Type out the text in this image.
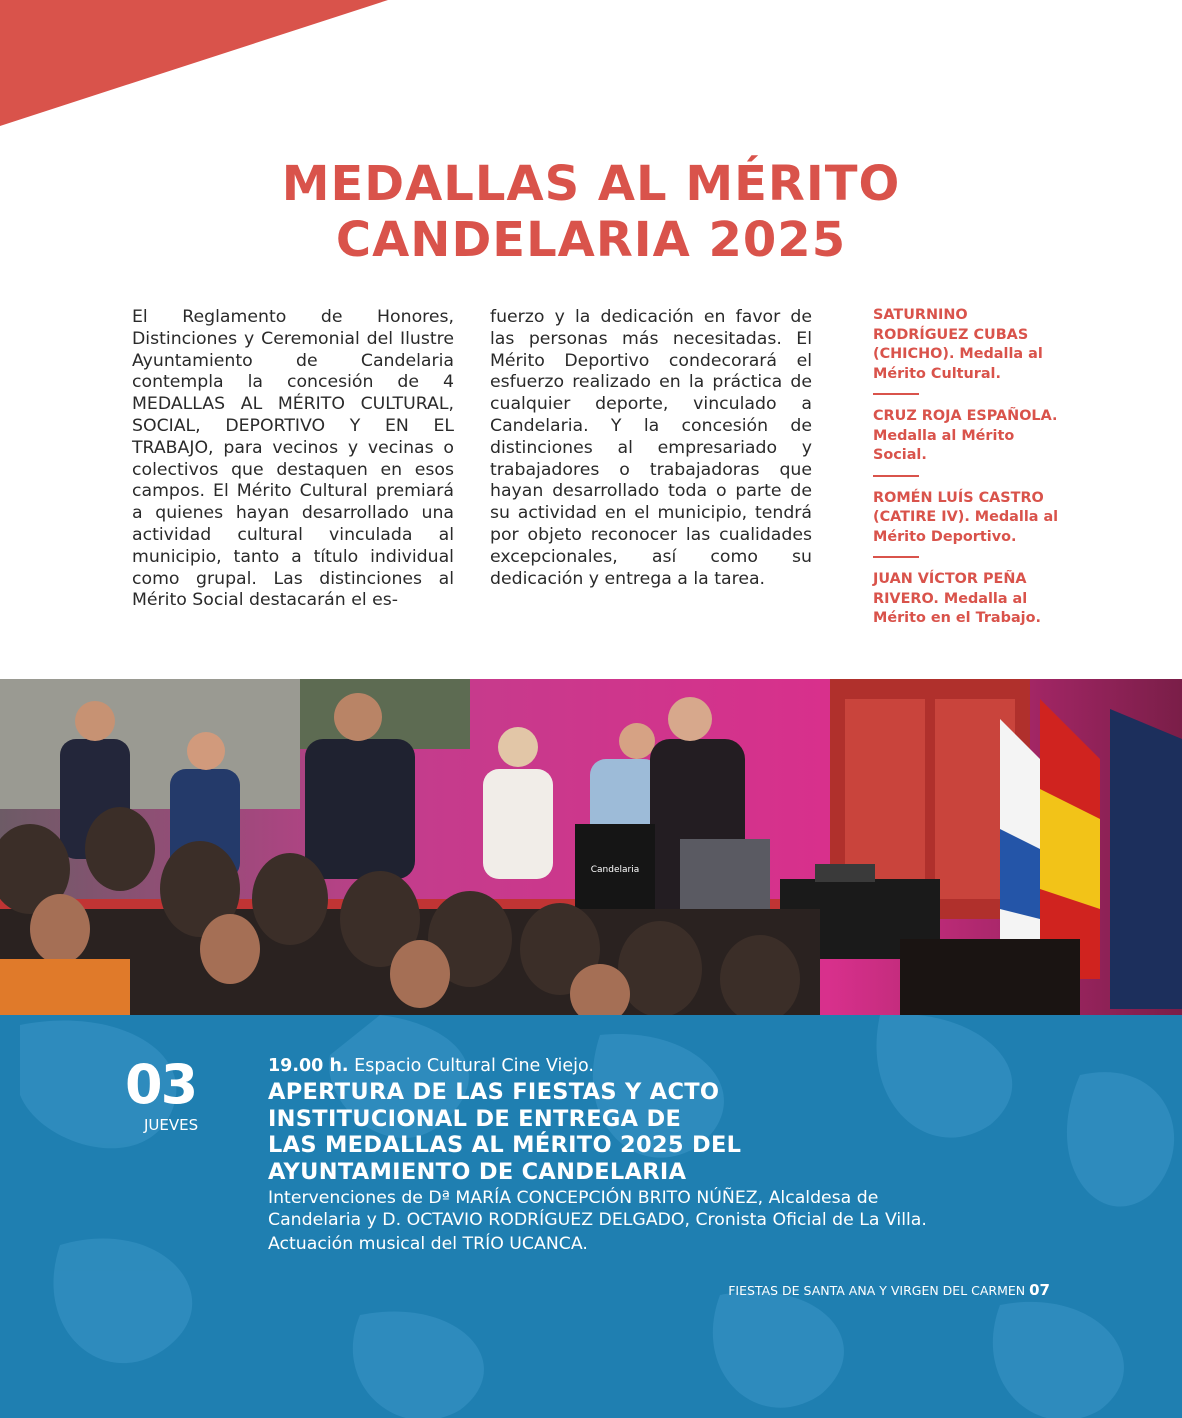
MEDALLAS AL MÉRITO
CANDELARIA 2025
El Reglamento de Honores, Distinciones y Ceremonial del Ilustre Ayuntamiento de Candelaria contempla la concesión de 4 MEDALLAS AL MÉRITO CULTURAL, SOCIAL, DEPORTIVO Y EN EL TRABAJO, para vecinos y vecinas o colectivos que destaquen en esos campos. El Mérito Cultural premiará a quienes hayan desarrollado una actividad cultural vinculada al municipio, tanto a título individual como grupal. Las distinciones al Mérito Social destacarán el es-
fuerzo y la dedicación en favor de las personas más necesitadas. El Mérito Deportivo condecorará el esfuerzo realizado en la práctica de cualquier deporte, vinculado a Candelaria. Y la concesión de distinciones al empresariado y trabajadores o trabajadoras que hayan desarrollado toda o parte de su actividad en el municipio, tendrá por objeto reconocer las cualidades excepcionales, así como su dedicación y entrega a la tarea.
SATURNINO RODRÍGUEZ CUBAS (CHICHO). Medalla al Mérito Cultural.
CRUZ ROJA ESPAÑOLA. Medalla al Mérito Social.
ROMÉN LUÍS CASTRO (CATIRE IV). Medalla al Mérito Deportivo.
JUAN VÍCTOR PEÑA RIVERO. Medalla al Mérito en el Trabajo.
Candelaria
03
JUEVES
19.00 h. Espacio Cultural Cine Viejo.
APERTURA DE LAS FIESTAS Y ACTO
INSTITUCIONAL DE ENTREGA DE
LAS MEDALLAS AL MÉRITO 2025 DEL
AYUNTAMIENTO DE CANDELARIA
Intervenciones de Dª MARÍA CONCEPCIÓN BRITO NÚÑEZ, Alcaldesa de Candelaria y D. OCTAVIO RODRÍGUEZ DELGADO, Cronista Oficial de La Villa.
Actuación musical del TRÍO UCANCA.
FIESTAS DE SANTA ANA Y VIRGEN DEL CARMEN 07
